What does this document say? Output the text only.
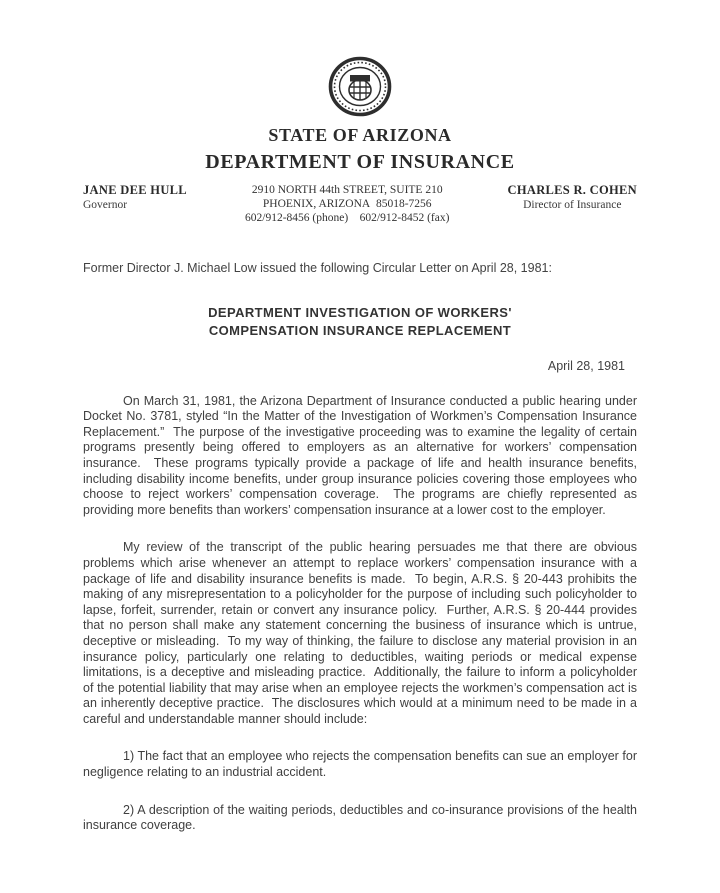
STATE OF ARIZONA
DEPARTMENT OF INSURANCE
JANE DEE HULL
Governor
2910 NORTH 44th STREET, SUITE 210
PHOENIX, ARIZONA  85018-7256
602/912-8456 (phone)    602/912-8452 (fax)
CHARLES R. COHEN
Director of Insurance
Former Director J. Michael Low issued the following Circular Letter on April 28, 1981:
DEPARTMENT INVESTIGATION OF WORKERS'
COMPENSATION INSURANCE REPLACEMENT
April 28, 1981

On March 31, 1981, the Arizona Department of Insurance conducted a public hearing under Docket No. 3781, styled “In the Matter of the Investigation of Workmen’s Compensation Insurance Replacement.”  The purpose of the investigative proceeding was to examine the legality of certain programs presently being offered to employers as an alternative for workers’ compensation insurance.  These programs typically provide a package of life and health insurance benefits, including disability income benefits, under group insurance policies covering those employees who choose to reject workers’ compensation coverage.  The programs are chiefly represented as providing more benefits than workers’ compensation insurance at a lower cost to the employer.

My review of the transcript of the public hearing persuades me that there are obvious problems which arise whenever an attempt to replace workers’ compensation insurance with a package of life and disability insurance benefits is made.  To begin, A.R.S. § 20-443 prohibits the making of any misrepresentation to a policyholder for the purpose of including such policyholder to lapse, forfeit, surrender, retain or convert any insurance policy.  Further, A.R.S. § 20-444 provides that no person shall make any statement concerning the business of insurance which is untrue, deceptive or misleading.  To my way of thinking, the failure to disclose any material provision in an insurance policy, particularly one relating to deductibles, waiting periods or medical expense limitations, is a deceptive and misleading practice.  Additionally, the failure to inform a policyholder of the potential liability that may arise when an employee rejects the workmen’s compensation act is an inherently deceptive practice.  The disclosures which would at a minimum need to be made in a careful and understandable manner should include:

1) The fact that an employee who rejects the compensation benefits can sue an employer for negligence relating to an industrial accident.

2) A description of the waiting periods, deductibles and co-insurance provisions of the health insurance coverage.
